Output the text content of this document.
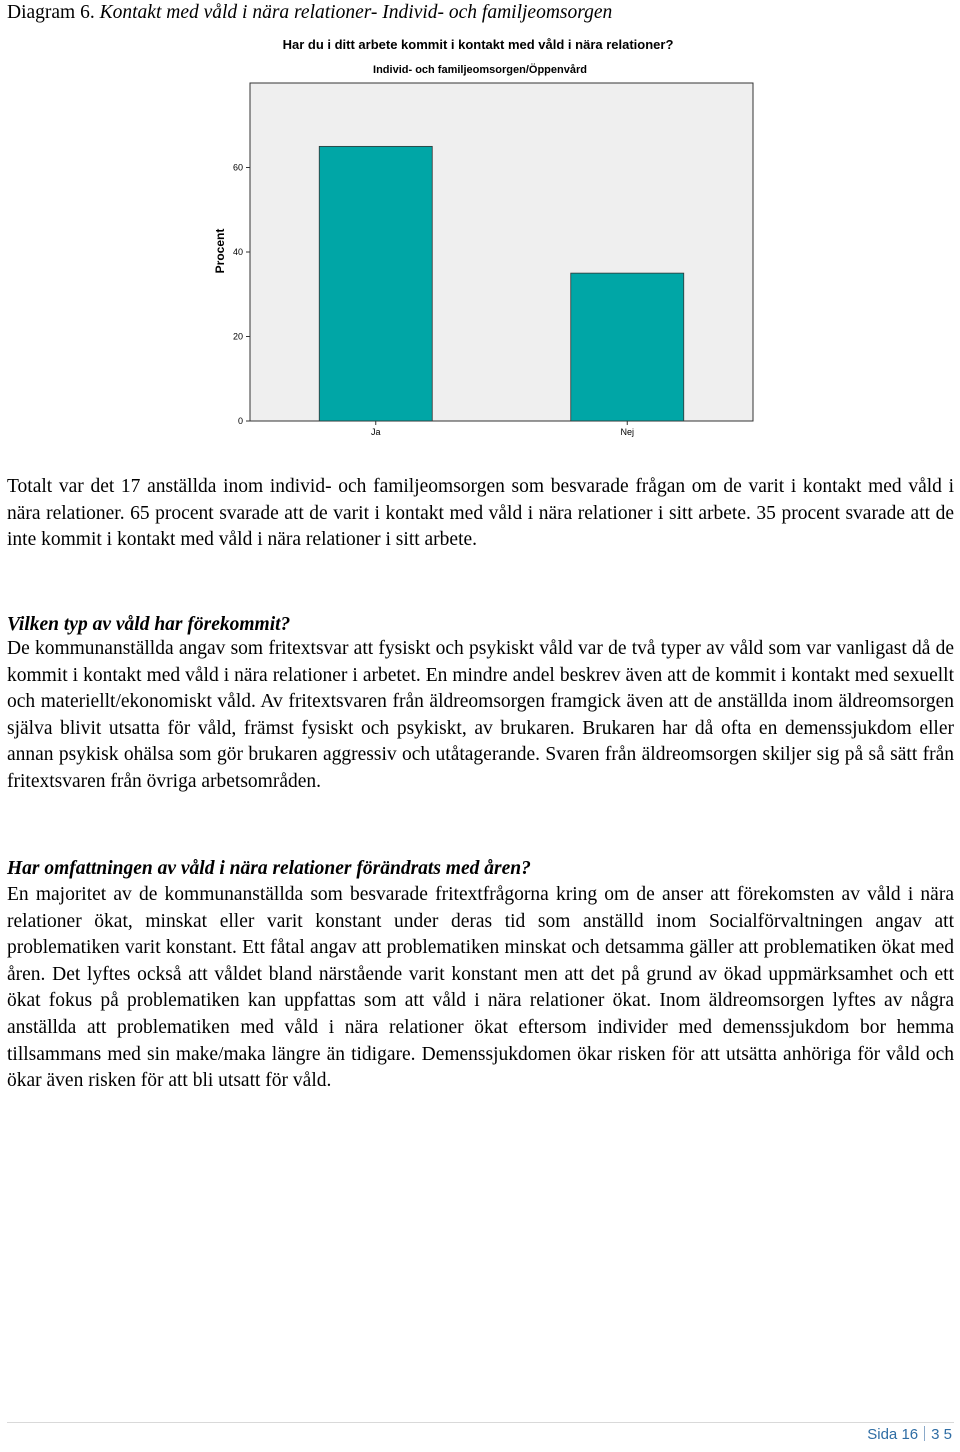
Diagram 6. Kontakt med våld i nära relationer- Individ- och familjeomsorgen
Har du i ditt arbete kommit i kontakt med våld i nära relationer?
Individ- och familjeomsorgen/Öppenvård
0
20
40
60
Ja	Nej
Procent

Totalt var det 17 anställda inom individ- och familjeomsorgen som besvarade frågan om de varit i kontakt med våld i nära relationer. 65 procent svarade att de varit i kontakt med våld i nära relationer i sitt arbete. 35 procent svarade att de inte kommit i kontakt med våld i nära relationer i sitt arbete.

Vilken typ av våld har förekommit?

De kommunanställda angav som fritextsvar att fysiskt och psykiskt våld var de två typer av våld som var vanligast då de kommit i kontakt med våld i nära relationer i arbetet. En mindre andel beskrev även att de kommit i kontakt med sexuellt och materiellt/ekonomiskt våld. Av fritextsvaren från äldreomsorgen framgick även att de anställda inom äldreomsorgen själva blivit utsatta för våld, främst fysiskt och psykiskt, av brukaren. Brukaren har då ofta en demenssjukdom eller annan psykisk ohälsa som gör brukaren aggressiv och utåtagerande. Svaren från äldreomsorgen skiljer sig på så sätt från fritextsvaren från övriga arbetsområden.

Har omfattningen av våld i nära relationer förändrats med åren?

En majoritet av de kommunanställda som besvarade fritextfrågorna kring om de anser att förekomsten av våld i nära relationer ökat, minskat eller varit konstant under deras tid som anställd inom Socialförvaltningen angav att problematiken varit konstant. Ett fåtal angav att problematiken minskat och detsamma gäller att problematiken ökat med åren. Det lyftes också att våldet bland närstående varit konstant men att det på grund av ökad uppmärksamhet och ett ökat fokus på problematiken kan uppfattas som att våld i nära relationer ökat. Inom äldreomsorgen lyftes av några anställda att problematiken med våld i nära relationer ökat eftersom individer med demenssjukdom bor hemma tillsammans med sin make/maka längre än tidigare. Demenssjukdomen ökar risken för att utsätta anhöriga för våld och ökar även risken för att bli utsatt för våld.

Sida 16 3 5
